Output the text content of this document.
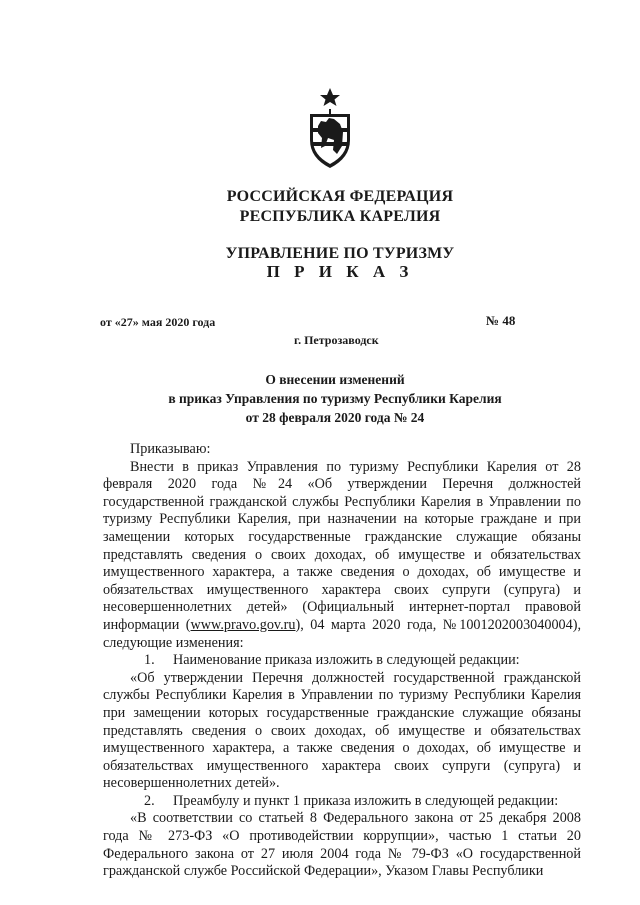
РОССИЙСКАЯ ФЕДЕРАЦИЯ
РЕСПУБЛИКА КАРЕЛИЯ
УПРАВЛЕНИЕ ПО ТУРИЗМУ
П Р И К А З
от «27» мая 2020 года	№ 48
г. Петрозаводск
О внесении изменений
в приказ Управления по туризму Республики Карелия
от 28 февраля 2020 года № 24

Приказываю:

Внести в приказ Управления по туризму Республики Карелия от 28 февраля 2020 года №24 «Об утверждении Перечня должностей государственной гражданской службы Республики Карелия в Управлении по туризму Республики Карелия, при назначении на которые граждане и при замещении которых государственные гражданские служащие обязаны представлять сведения о своих доходах, об имуществе и обязательствах имущественного характера, а также сведения о доходах, об имуществе и обязательствах имущественного характера своих супруги (супруга) и несовершеннолетних детей» (Официальный интернет-портал правовой информации (www.pravo.gov.ru), 04 марта 2020 года, №1001202003040004), следующие изменения:

1.	Наименование приказа изложить в следующей редакции:

«Об утверждении Перечня должностей государственной гражданской службы Республики Карелия в Управлении по туризму Республики Карелия при замещении которых государственные гражданские служащие обязаны представлять сведения о своих доходах, об имуществе и обязательствах имущественного характера, а также сведения о доходах, об имуществе и обязательствах имущественного характера своих супруги (супруга) и несовершеннолетних детей».

2.	Преамбулу и пункт 1 приказа изложить в следующей редакции:

«В соответствии со статьей 8 Федерального закона от 25 декабря 2008 года № 273-ФЗ «О противодействии коррупции», частью 1 статьи 20 Федерального закона от 27 июля 2004 года № 79-ФЗ «О государственной гражданской службе Российской Федерации», Указом Главы Республики
